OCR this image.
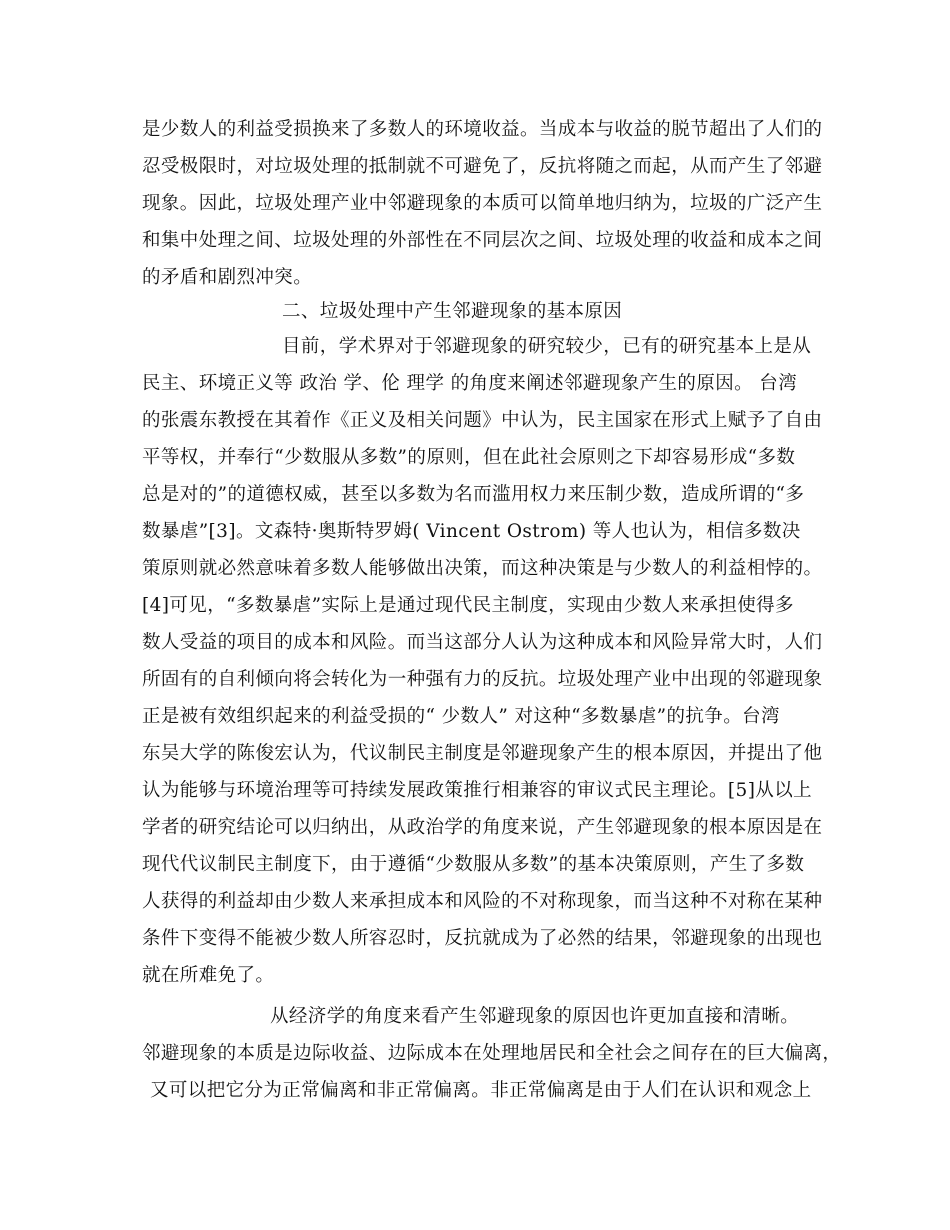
是少数人的利益受损换来了多数人的环境收益。当成本与收益的脱节超出了人们的
忍受极限时，对垃圾处理的抵制就不可避免了，反抗将随之而起，从而产生了邻避
现象。因此，垃圾处理产业中邻避现象的本质可以简单地归纳为，垃圾的广泛产生
和集中处理之间、垃圾处理的外部性在不同层次之间、垃圾处理的收益和成本之间
的矛盾和剧烈冲突。
二、垃圾处理中产生邻避现象的基本原因
目前，学术界对于邻避现象的研究较少，已有的研究基本上是从
民主、环境正义等 政治 学、伦 理学 的角度来阐述邻避现象产生的原因。 台湾
的张震东教授在其着作《正义及相关问题》中认为，民主国家在形式上赋予了自由
平等权，并奉行“少数服从多数”的原则，但在此社会原则之下却容易形成“多数
总是对的”的道德权威，甚至以多数为名而滥用权力来压制少数，造成所谓的“多
数暴虐”[3]。文森特·奥斯特罗姆( Vincent Ostrom) 等人也认为，相信多数决
策原则就必然意味着多数人能够做出决策，而这种决策是与少数人的利益相悖的。
[4]可见，“多数暴虐”实际上是通过现代民主制度，实现由少数人来承担使得多
数人受益的项目的成本和风险。而当这部分人认为这种成本和风险异常大时，人们
所固有的自利倾向将会转化为一种强有力的反抗。垃圾处理产业中出现的邻避现象
正是被有效组织起来的利益受损的“ 少数人” 对这种“多数暴虐”的抗争。台湾
东吴大学的陈俊宏认为，代议制民主制度是邻避现象产生的根本原因，并提出了他
认为能够与环境治理等可持续发展政策推行相兼容的审议式民主理论。[5]从以上
学者的研究结论可以归纳出，从政治学的角度来说，产生邻避现象的根本原因是在
现代代议制民主制度下，由于遵循“少数服从多数”的基本决策原则，产生了多数
人获得的利益却由少数人来承担成本和风险的不对称现象，而当这种不对称在某种
条件下变得不能被少数人所容忍时，反抗就成为了必然的结果，邻避现象的出现也
就在所难免了。
从经济学的角度来看产生邻避现象的原因也许更加直接和清晰。
邻避现象的本质是边际收益、边际成本在处理地居民和全社会之间存在的巨大偏离，
又可以把它分为正常偏离和非正常偏离。非正常偏离是由于人们在认识和观念上
